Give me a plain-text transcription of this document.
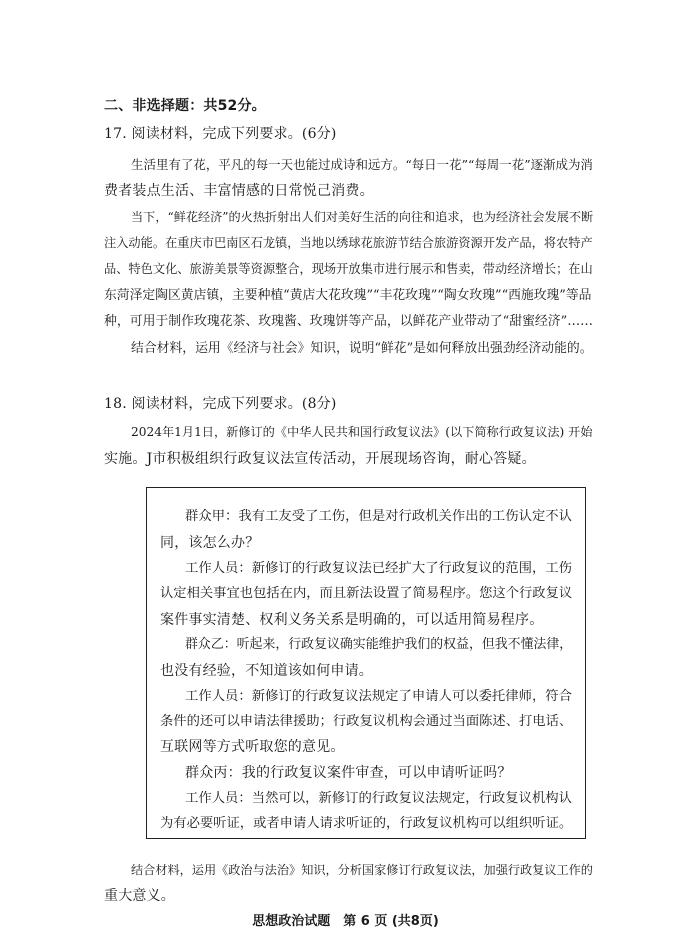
二、非选择题：共52分。
17. 阅读材料，完成下列要求。(6分)
生活里有了花，平凡的每一天也能过成诗和远方。“每日一花”“每周一花”逐渐成为消
费者装点生活、丰富情感的日常悦己消费。
当下，“鲜花经济”的火热折射出人们对美好生活的向往和追求，也为经济社会发展不断
注入动能。在重庆市巴南区石龙镇，当地以绣球花旅游节结合旅游资源开发产品，将农特产
品、特色文化、旅游美景等资源整合，现场开放集市进行展示和售卖，带动经济增长；在山
东菏泽定陶区黄店镇，主要种植“黄店大花玫瑰”“丰花玫瑰”“陶女玫瑰”“西施玫瑰”等品
种，可用于制作玫瑰花茶、玫瑰酱、玫瑰饼等产品，以鲜花产业带动了“甜蜜经济”……
结合材料，运用《经济与社会》知识，说明“鲜花”是如何释放出强劲经济动能的。
18. 阅读材料，完成下列要求。(8分)
2024年1月1日，新修订的《中华人民共和国行政复议法》(以下简称行政复议法) 开始
实施。J市积极组织行政复议法宣传活动，开展现场咨询，耐心答疑。
群众甲：我有工友受了工伤，但是对行政机关作出的工伤认定不认
同，该怎么办？
工作人员：新修订的行政复议法已经扩大了行政复议的范围，工伤
认定相关事宜也包括在内，而且新法设置了简易程序。您这个行政复议
案件事实清楚、权利义务关系是明确的，可以适用简易程序。
群众乙：听起来，行政复议确实能维护我们的权益，但我不懂法律，
也没有经验，不知道该如何申请。
工作人员：新修订的行政复议法规定了申请人可以委托律师，符合
条件的还可以申请法律援助；行政复议机构会通过当面陈述、打电话、
互联网等方式听取您的意见。
群众丙：我的行政复议案件审查，可以申请听证吗？
工作人员：当然可以，新修订的行政复议法规定，行政复议机构认
为有必要听证，或者申请人请求听证的，行政复议机构可以组织听证。
结合材料，运用《政治与法治》知识，分析国家修订行政复议法，加强行政复议工作的
重大意义。
思想政治试题　第 6 页 (共8页)
